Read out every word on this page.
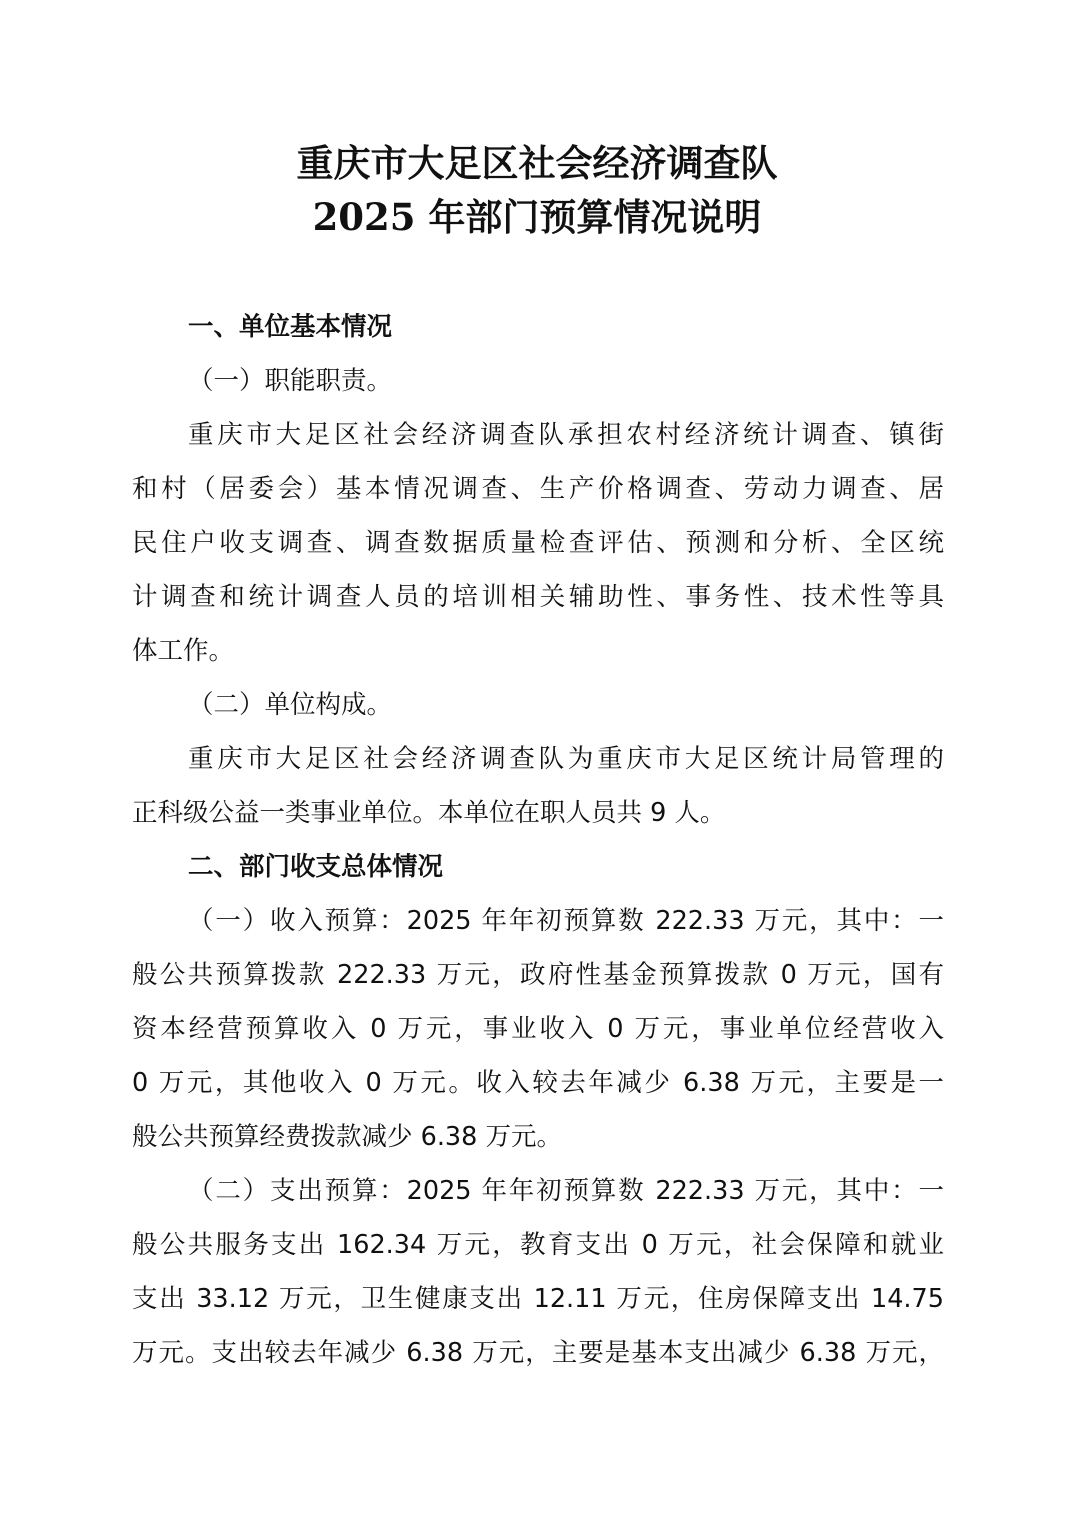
重庆市大足区社会经济调查队
2025 年部门预算情况说明
一、单位基本情况
（一）职能职责。
重庆市大足区社会经济调查队承担农村经济统计调查、镇街
和村（居委会）基本情况调查、生产价格调查、劳动力调查、居
民住户收支调查、调查数据质量检查评估、预测和分析、全区统
计调查和统计调查人员的培训相关辅助性、事务性、技术性等具
体工作。
（二）单位构成。
重庆市大足区社会经济调查队为重庆市大足区统计局管理的
正科级公益一类事业单位。本单位在职人员共 9 人。
二、部门收支总体情况
（一）收入预算：2025 年年初预算数 222.33 万元，其中：一
般公共预算拨款 222.33 万元，政府性基金预算拨款 0 万元，国有
资本经营预算收入 0 万元，事业收入 0 万元，事业单位经营收入
0 万元，其他收入 0 万元。收入较去年减少 6.38 万元，主要是一
般公共预算经费拨款减少 6.38 万元。
（二）支出预算：2025 年年初预算数 222.33 万元，其中：一
般公共服务支出 162.34 万元，教育支出 0 万元，社会保障和就业
支出 33.12 万元，卫生健康支出 12.11 万元，住房保障支出 14.75
万元。支出较去年减少 6.38 万元，主要是基本支出减少 6.38 万元，
